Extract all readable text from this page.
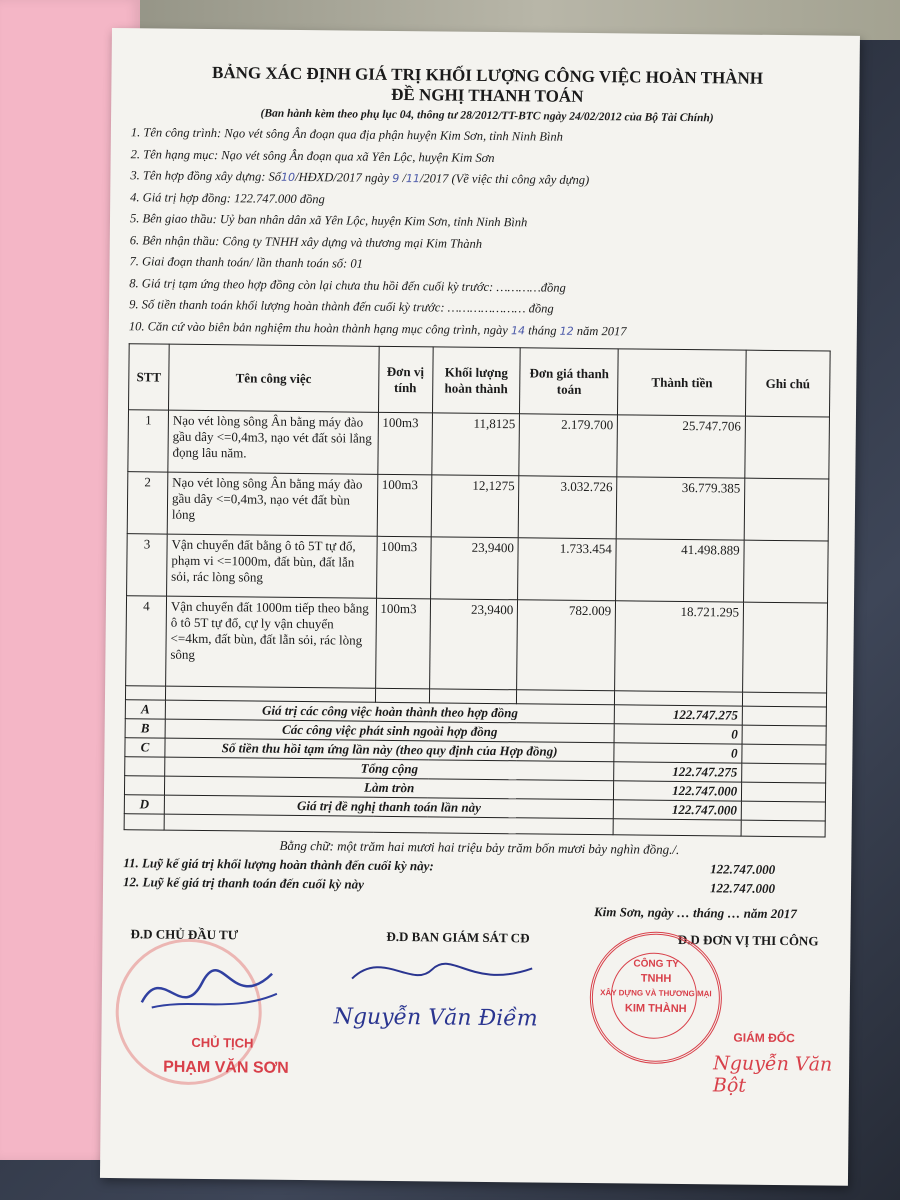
BẢNG XÁC ĐỊNH GIÁ TRỊ KHỐI LƯỢNG CÔNG VIỆC HOÀN THÀNH
ĐỀ NGHỊ THANH TOÁN
(Ban hành kèm theo phụ lục 04, thông tư 28/2012/TT-BTC ngày 24/02/2012 của Bộ Tài Chính)
1. Tên công trình: Nạo vét sông Ân đoạn qua địa phận huyện Kim Sơn, tỉnh Ninh Bình
2. Tên hạng mục: Nạo vét sông Ân đoạn qua xã Yên Lộc, huyện Kim Sơn
3. Tên hợp đồng xây dựng: Số10/HĐXD/2017 ngày 9 /11/2017 (Về việc thi công xây dựng)
4. Giá trị hợp đồng: 122.747.000 đồng
5. Bên giao thầu: Uỷ ban nhân dân xã Yên Lộc, huyện Kim Sơn, tỉnh Ninh Bình
6. Bên nhận thầu: Công ty TNHH xây dựng và thương mại Kim Thành
7. Giai đoạn thanh toán/ lần thanh toán số: 01
8. Giá trị tạm ứng theo hợp đồng còn lại chưa thu hồi đến cuối kỳ trước: …………đồng
9. Số tiền thanh toán khối lượng hoàn thành đến cuối kỳ trước: ………………… đồng
10. Căn cứ vào biên bản nghiệm thu hoàn thành hạng mục công trình, ngày 14 tháng 12 năm 2017
STT	Tên công việc	Đơn vị tính	Khối lượng hoàn thành	Đơn giá thanh toán	Thành tiền	Ghi chú
1	Nạo vét lòng sông Ân bằng máy đào gầu dây <=0,4m3, nạo vét đất sỏi lắng đọng lâu năm.	100m3	11,8125	2.179.700	25.747.706	
2	Nạo vét lòng sông Ân bằng máy đào gầu dây <=0,4m3, nạo vét đất bùn lỏng	100m3	12,1275	3.032.726	36.779.385	
3	Vận chuyển đất bằng ô tô 5T tự đổ, phạm vi <=1000m, đất bùn, đất lẫn sỏi, rác lòng sông	100m3	23,9400	1.733.454	41.498.889	
4	Vận chuyển đất 1000m tiếp theo bằng ô tô 5T tự đổ, cự ly vận chuyển <=4km, đất bùn, đất lẫn sỏi, rác lòng sông	100m3	23,9400	782.009	18.721.295	

A	Giá trị các công việc hoàn thành theo hợp đồng				122.747.275	
B	Các công việc phát sinh ngoài hợp đồng				0	
C	Số tiền thu hồi tạm ứng lần này (theo quy định của Hợp đồng)				0	
	Tổng cộng				122.747.275	
	Làm tròn				122.747.000	
D	Giá trị đề nghị thanh toán lần này				122.747.000	

Bằng chữ: một trăm hai mươi hai triệu bảy trăm bốn mươi bảy nghìn đồng./.
11. Luỹ kế giá trị khối lượng hoàn thành đến cuối kỳ này:	122.747.000
12. Luỹ kế giá trị thanh toán đến cuối kỳ này	122.747.000
Kim Sơn, ngày … tháng … năm 2017
Đ.D CHỦ ĐẦU TƯ	Đ.D BAN GIÁM SÁT CĐ	Đ.D ĐƠN VỊ THI CÔNG
CHỦ TỊCH
PHẠM VĂN SƠN
Nguyễn Văn Điềm
CÔNG TY
TNHH
XÂY DỰNG VÀ THƯƠNG MẠI
KIM THÀNH
GIÁM ĐỐC
Nguyễn Văn Bột
